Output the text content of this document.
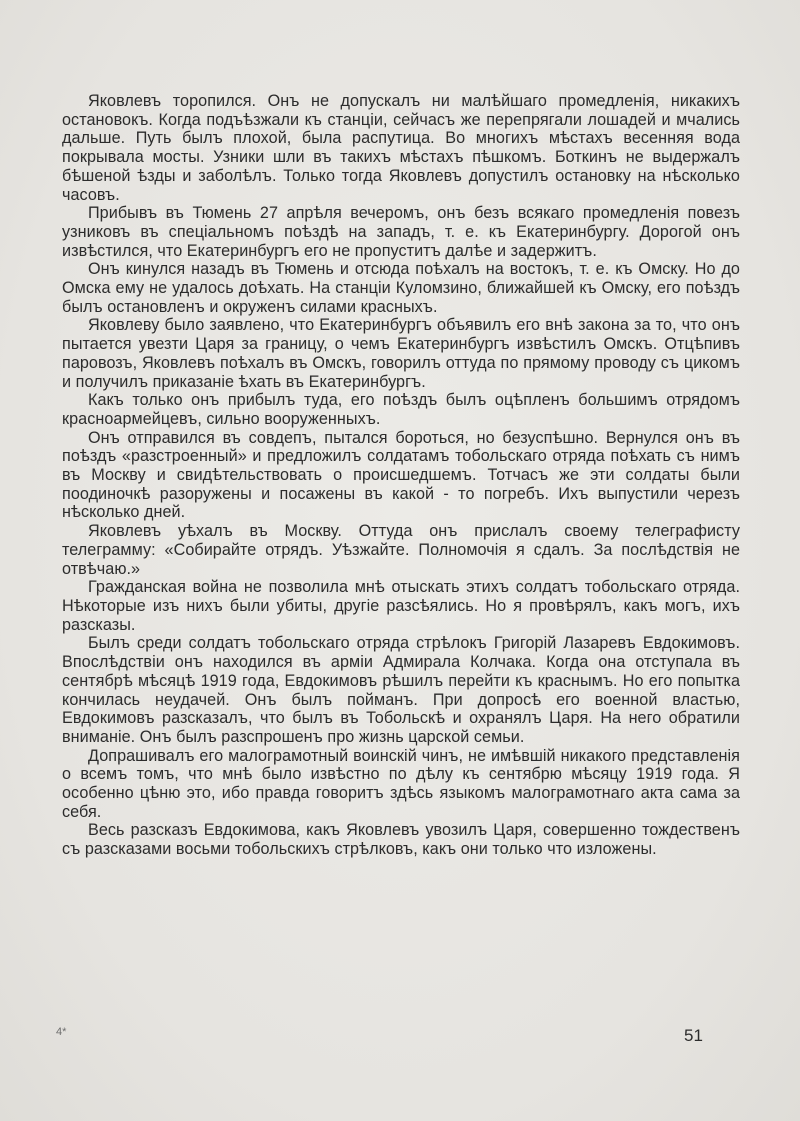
Яковлевъ торопился. Онъ не допускалъ ни малѣйшаго промедленія, никакихъ остановокъ. Когда подъѣзжали къ станціи, сейчасъ же перепрягали лошадей и мчались дальше. Путь былъ плохой, была распутица. Во многихъ мѣстахъ весенняя вода покрывала мосты. Узники шли въ такихъ мѣстахъ пѣшкомъ. Боткинъ не выдержалъ бѣшеной ѣзды и заболѣлъ. Только тогда Яковлевъ допустилъ остановку на нѣсколько часовъ.

Прибывъ въ Тюмень 27 апрѣля вечеромъ, онъ безъ всякаго промедленія повезъ узниковъ въ спеціальномъ поѣздѣ на западъ, т. е. къ Екатеринбургу. Дорогой онъ извѣстился, что Екатеринбургъ его не пропуститъ далѣе и задержитъ.

Онъ кинулся назадъ въ Тюмень и отсюда поѣхалъ на востокъ, т. е. къ Омску. Но до Омска ему не удалось доѣхать. На станціи Куломзино, ближайшей къ Омску, его поѣздъ былъ остановленъ и окруженъ силами красныхъ.

Яковлеву было заявлено, что Екатеринбургъ объявилъ его внѣ закона за то, что онъ пытается увезти Царя за границу, о чемъ Екатеринбургъ извѣстилъ Омскъ. Отцѣпивъ паровозъ, Яковлевъ поѣхалъ въ Омскъ, говорилъ оттуда по прямому проводу съ цикомъ и получилъ приказаніе ѣхать въ Екатеринбургъ.

Какъ только онъ прибылъ туда, его поѣздъ былъ оцѣпленъ большимъ отрядомъ красноармейцевъ, сильно вооруженныхъ.

Онъ отправился въ совдепъ, пытался бороться, но безуспѣшно. Вернулся онъ въ поѣздъ «разстроенный» и предложилъ солдатамъ тобольскаго отряда поѣхать съ нимъ въ Москву и свидѣтельствовать о происшедшемъ. Тотчасъ же эти солдаты были поодиночкѣ разоружены и посажены въ какой - то погребъ. Ихъ выпустили черезъ нѣсколько дней.

Яковлевъ уѣхалъ въ Москву. Оттуда онъ прислалъ своему телеграфисту телеграмму: «Собирайте отрядъ. Уѣзжайте. Полномочія я сдалъ. За послѣдствія не отвѣчаю.»

Гражданская война не позволила мнѣ отыскать этихъ солдатъ тобольскаго отряда. Нѣкоторые изъ нихъ были убиты, другіе разсѣялись. Но я провѣрялъ, какъ могъ, ихъ разсказы.

Былъ среди солдатъ тобольскаго отряда стрѣлокъ Григорій Лазаревъ Евдокимовъ. Впослѣдствіи онъ находился въ арміи Адмирала Колчака. Когда она отступала въ сентябрѣ мѣсяцѣ 1919 года, Евдокимовъ рѣшилъ перейти къ краснымъ. Но его попытка кончилась неудачей. Онъ былъ пойманъ. При допросѣ его военной властью, Евдокимовъ разсказалъ, что былъ въ Тобольскѣ и охранялъ Царя. На него обратили вниманіе. Онъ былъ разспрошенъ про жизнь царской семьи.

Допрашивалъ его малограмотный воинскій чинъ, не имѣвшій никакого представленія о всемъ томъ, что мнѣ было извѣстно по дѣлу къ сентябрю мѣсяцу 1919 года. Я особенно цѣню это, ибо правда говоритъ здѣсь языкомъ малограмотнаго акта сама за себя.

Весь разсказъ Евдокимова, какъ Яковлевъ увозилъ Царя, совершенно тождественъ съ разсказами восьми тобольскихъ стрѣлковъ, какъ они только что изложены.

4*	51
